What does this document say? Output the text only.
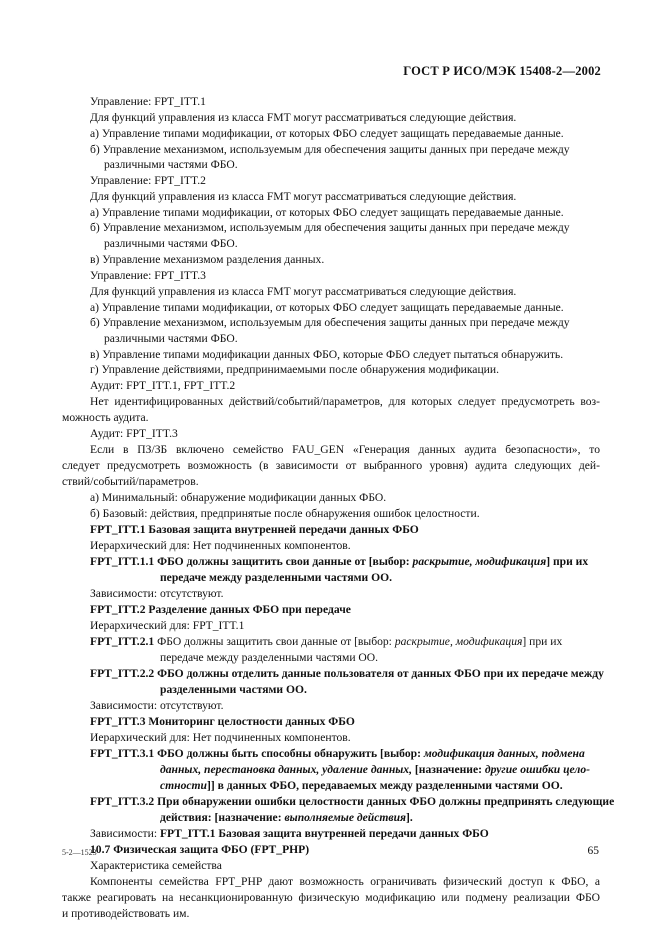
ГОСТ Р ИСО/МЭК 15408-2—2002
Управление: FPT_ITT.1
Для функций управления из класса FMT могут рассматриваться следующие действия.
а) Управление типами модификации, от которых ФБО следует защищать передаваемые данные.
б) Управление механизмом, используемым для обеспечения защиты данных при передаче между
различными частями ФБО.
Управление: FPT_ITT.2
Для функций управления из класса FMT могут рассматриваться следующие действия.
а) Управление типами модификации, от которых ФБО следует защищать передаваемые данные.
б) Управление механизмом, используемым для обеспечения защиты данных при передаче между
различными частями ФБО.
в) Управление механизмом разделения данных.
Управление: FPT_ITT.3
Для функций управления из класса FMT могут рассматриваться следующие действия.
а) Управление типами модификации, от которых ФБО следует защищать передаваемые данные.
б) Управление механизмом, используемым для обеспечения защиты данных при передаче между
различными частями ФБО.
в) Управление типами модификации данных ФБО, которые ФБО следует пытаться обнаружить.
г) Управление действиями, предпринимаемыми после обнаружения модификации.
Аудит: FPT_ITT.1, FPT_ITT.2
Нет идентифицированных действий/событий/параметров, для которых следует предусмотреть воз-
можность аудита.
Аудит: FPT_ITT.3
Если в ПЗ/ЗБ включено семейство FAU_GEN «Генерация данных аудита безопасности», то
следует предусмотреть возможность (в зависимости от выбранного уровня) аудита следующих дей-
ствий/событий/параметров.
а) Минимальный: обнаружение модификации данных ФБО.
б) Базовый: действия, предпринятые после обнаружения ошибок целостности.
FPT_ITT.1 Базовая защита внутренней передачи данных ФБО
Иерархический для: Нет подчиненных компонентов.
FPT_ITT.1.1 ФБО должны защитить свои данные от [выбор: раскрытие, модификация] при их
передаче между разделенными частями ОО.
Зависимости: отсутствуют.
FPT_ITT.2 Разделение данных ФБО при передаче
Иерархический для: FPT_ITT.1
FPT_ITT.2.1 ФБО должны защитить свои данные от [выбор: раскрытие, модификация] при их
передаче между разделенными частями ОО.
FPT_ITT.2.2 ФБО должны отделить данные пользователя от данных ФБО при их передаче между
разделенными частями ОО.
Зависимости: отсутствуют.
FPT_ITT.3 Мониторинг целостности данных ФБО
Иерархический для: Нет подчиненных компонентов.
FPT_ITT.3.1 ФБО должны быть способны обнаружить [выбор: модификация данных, подмена
данных, перестановка данных, удаление данных, [назначение: другие ошибки цело-
стности]] в данных ФБО, передаваемых между разделенными частями ОО.
FPT_ITT.3.2 При обнаружении ошибки целостности данных ФБО должны предпринять следующие
действия: [назначение: выполняемые действия].
Зависимости: FPT_ITT.1 Базовая защита внутренней передачи данных ФБО
10.7 Физическая защита ФБО (FPT_PHP)
Характеристика семейства
Компоненты семейства FPT_PHP дают возможность ограничивать физический доступ к ФБО, а
также реагировать на несанкционированную физическую модификацию или подмену реализации ФБО
и противодействовать им.
5-2—1523	65
